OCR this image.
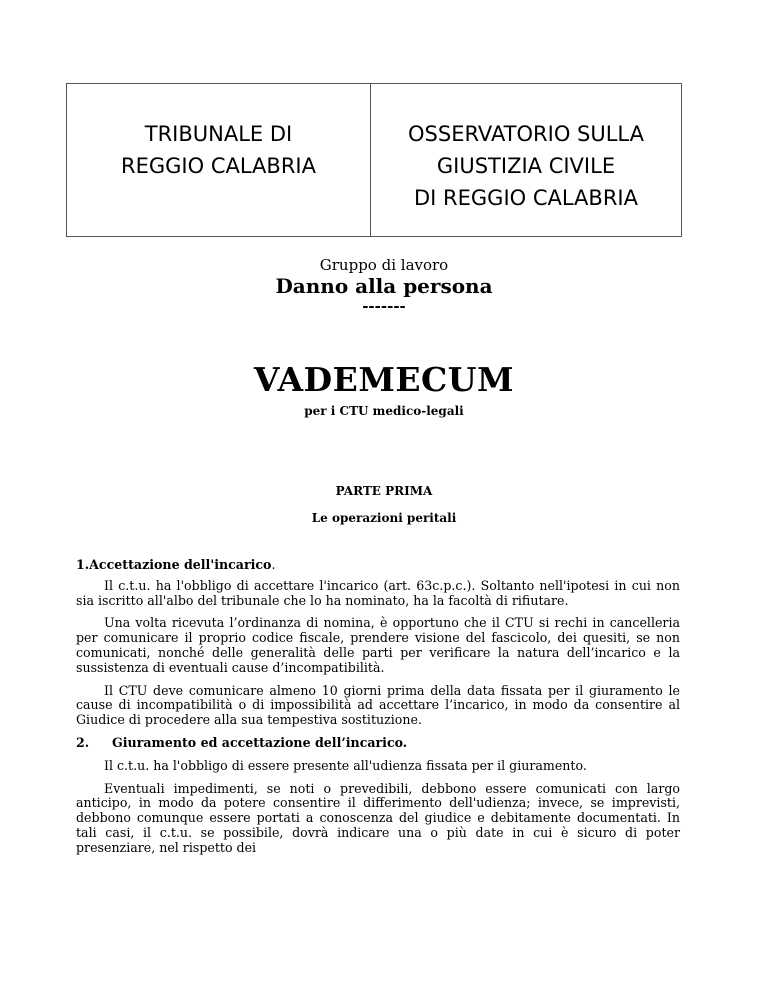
TRIBUNALE DI
REGGIO CALABRIA
OSSERVATORIO SULLA
GIUSTIZIA CIVILE
DI REGGIO CALABRIA
Gruppo di lavoro
Danno alla persona
-------
VADEMECUM
per i CTU medico-legali
PARTE PRIMA
Le operazioni peritali
1.Accettazione dell'incarico.

Il c.t.u. ha l'obbligo di accettare l'incarico (art. 63c.p.c.). Soltanto nell'ipotesi in cui non sia iscritto all'albo del tribunale che lo ha nominato, ha la facoltà di rifiutare.

Una volta ricevuta l’ordinanza di nomina, è opportuno che il CTU si rechi in cancelleria per comunicare il proprio codice fiscale, prendere visione del fascicolo, dei quesiti, se non comunicati, nonché delle generalità delle parti per verificare la natura dell’incarico e la sussistenza di eventuali cause d’incompatibilità.

Il CTU deve comunicare almeno 10 giorni prima della data fissata per il giuramento le cause di incompatibilità o di impossibilità ad accettare l’incarico, in modo da consentire al Giudice di procedere alla sua tempestiva sostituzione.

2.	Giuramento ed accettazione dell’incarico.

Il c.t.u. ha l'obbligo di essere presente all'udienza fissata per il giuramento.

Eventuali impedimenti, se noti o prevedibili, debbono essere comunicati con largo anticipo, in modo da potere consentire il differimento dell'udienza; invece, se imprevisti, debbono comunque essere portati a conoscenza del giudice e debitamente documentati. In tali casi, il c.t.u. se possibile, dovrà indicare una o più date in cui è sicuro di poter presenziare, nel rispetto dei
